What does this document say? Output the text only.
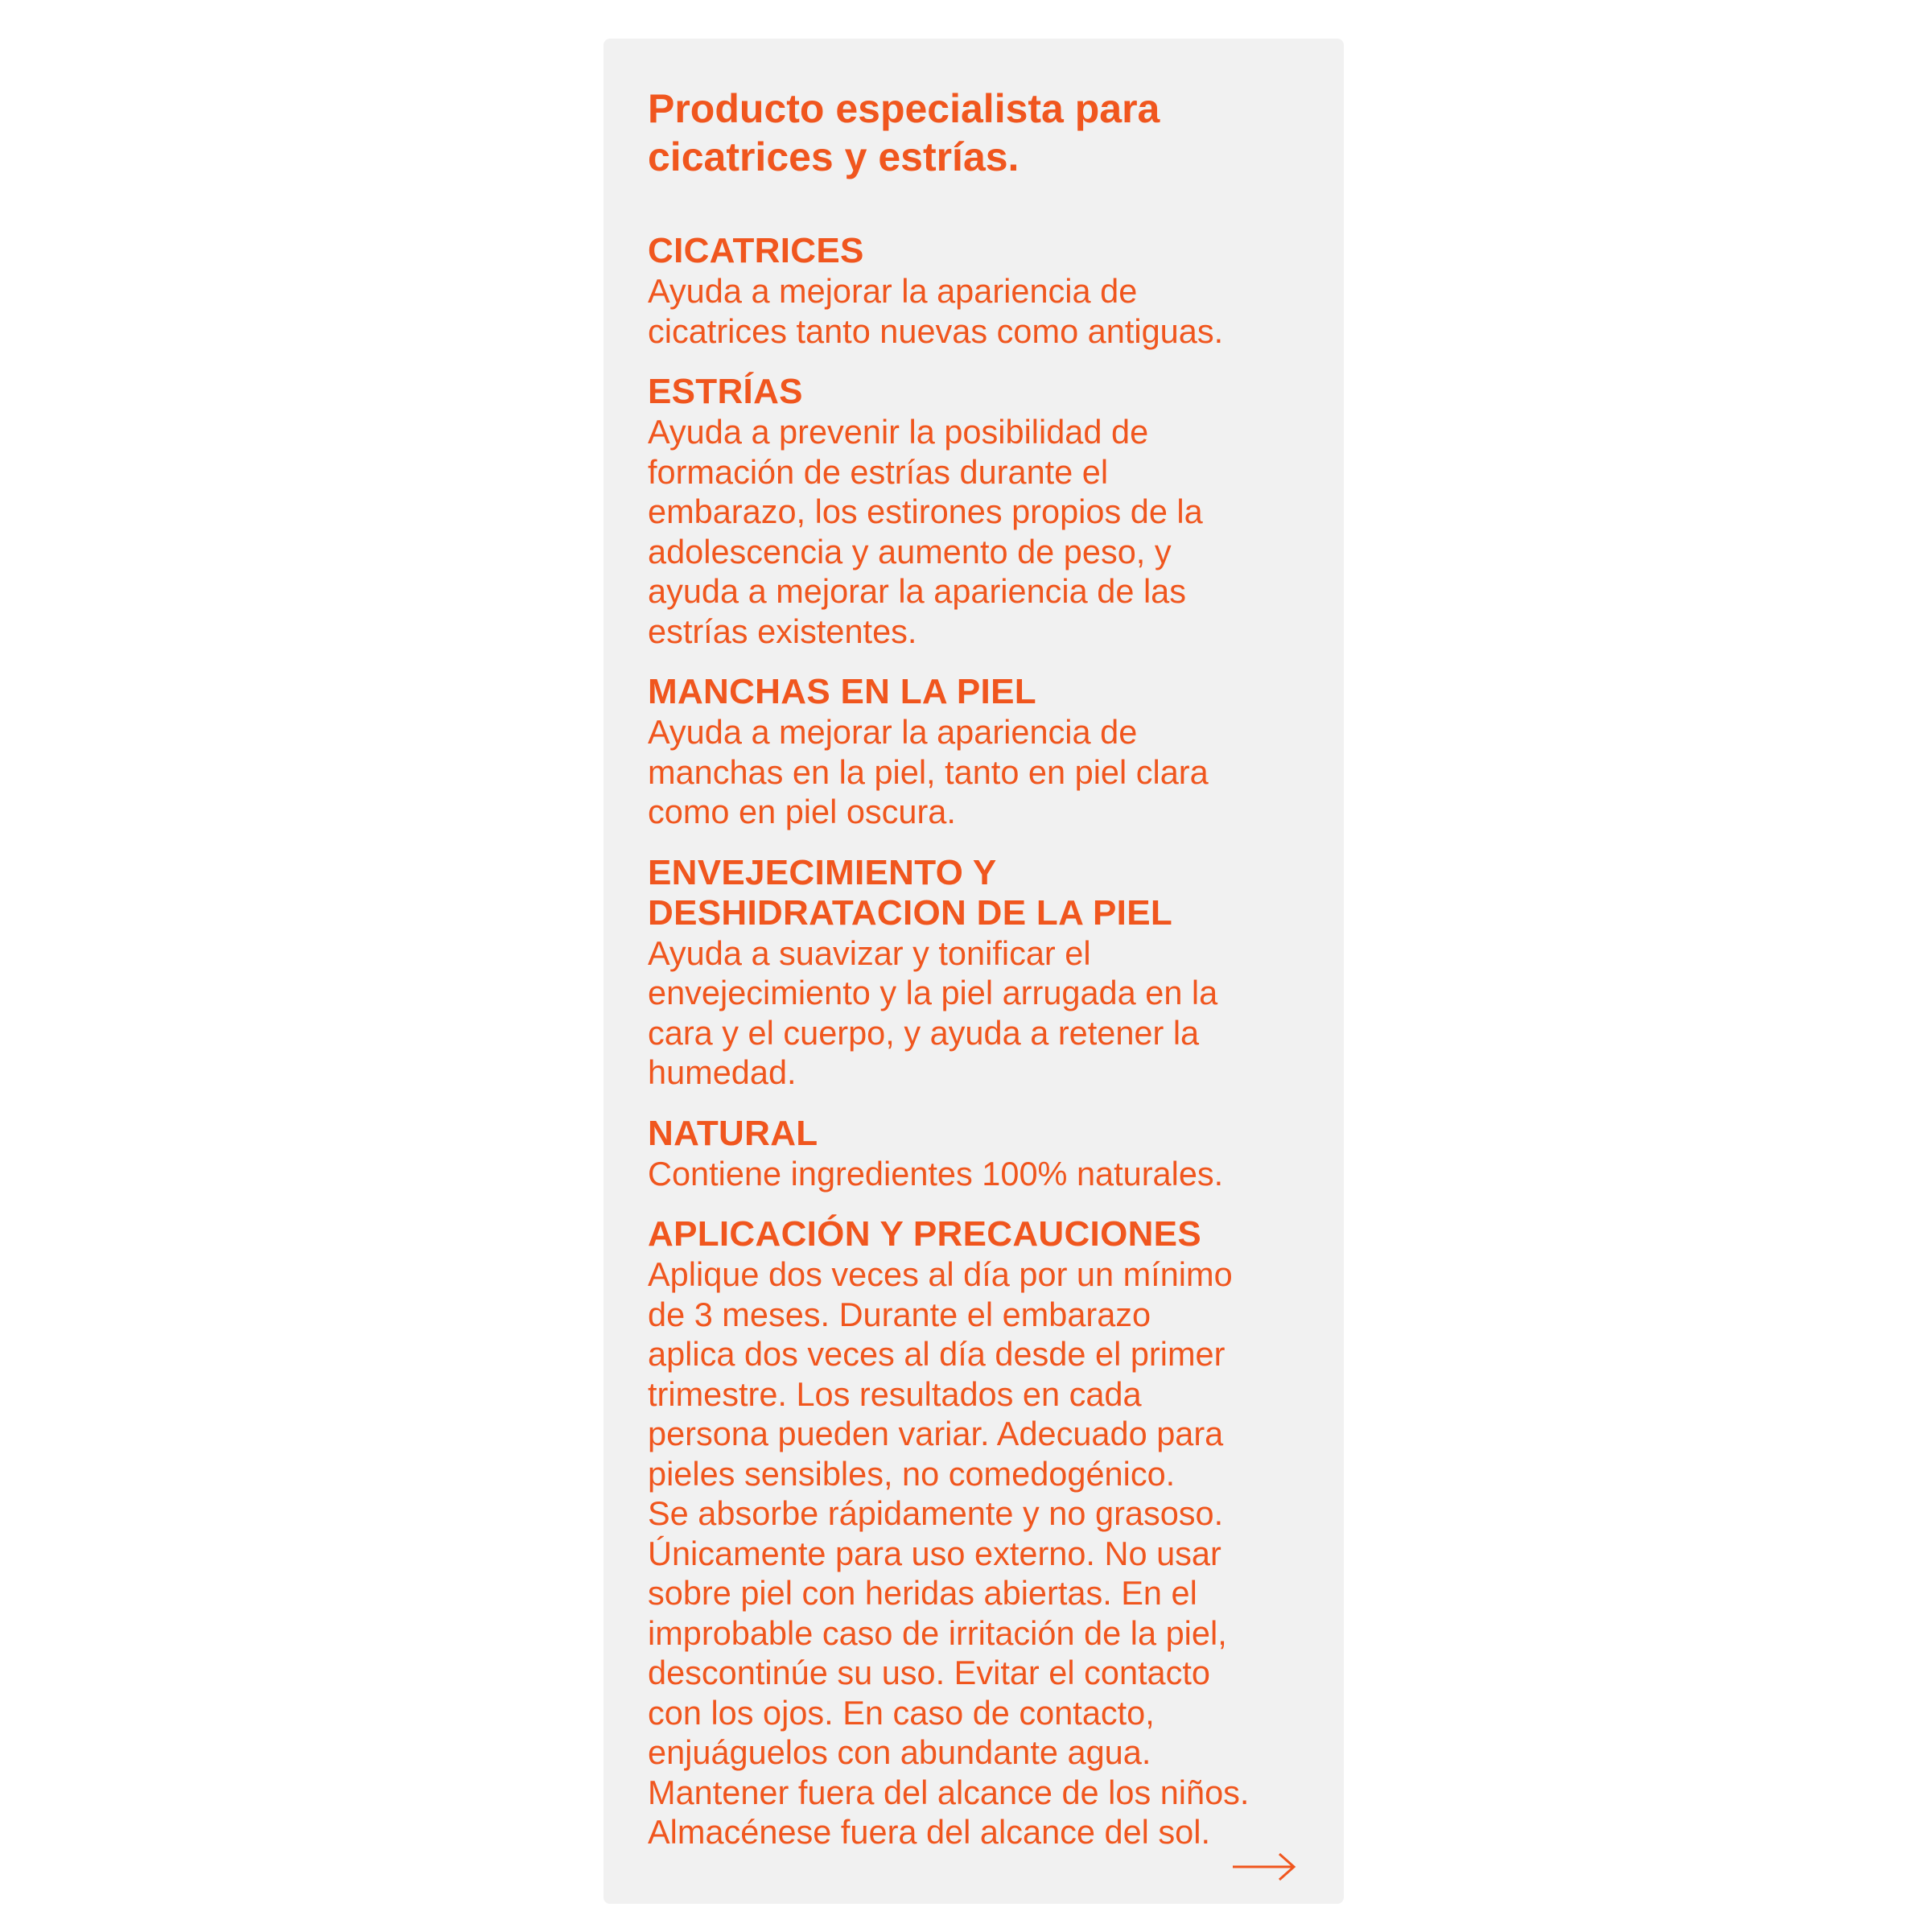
Producto especialista para
cicatrices y estrías.
CICATRICES
Ayuda a mejorar la apariencia de
cicatrices tanto nuevas como antiguas.
ESTRÍAS
Ayuda a prevenir la posibilidad de
formación de estrías durante el
embarazo, los estirones propios de la
adolescencia y aumento de peso, y
ayuda a mejorar la apariencia de las
estrías existentes.
MANCHAS EN LA PIEL
Ayuda a mejorar la apariencia de
manchas en la piel, tanto en piel clara
como en piel oscura.
ENVEJECIMIENTO Y
DESHIDRATACION DE LA PIEL
Ayuda a suavizar y tonificar el
envejecimiento y la piel arrugada en la
cara y el cuerpo, y ayuda a retener la
humedad.
NATURAL
Contiene ingredientes 100% naturales.
APLICACIÓN Y PRECAUCIONES
Aplique dos veces al día por un mínimo
de 3 meses. Durante el embarazo
aplica dos veces al día desde el primer
trimestre. Los resultados en cada
persona pueden variar. Adecuado para
pieles sensibles, no comedogénico.
Se absorbe rápidamente y no grasoso.
Únicamente para uso externo. No usar
sobre piel con heridas abiertas. En el
improbable caso de irritación de la piel,
descontinúe su uso. Evitar el contacto
con los ojos. En caso de contacto,
enjuáguelos con abundante agua.
Mantener fuera del alcance de los niños.
Almacénese fuera del alcance del sol.
